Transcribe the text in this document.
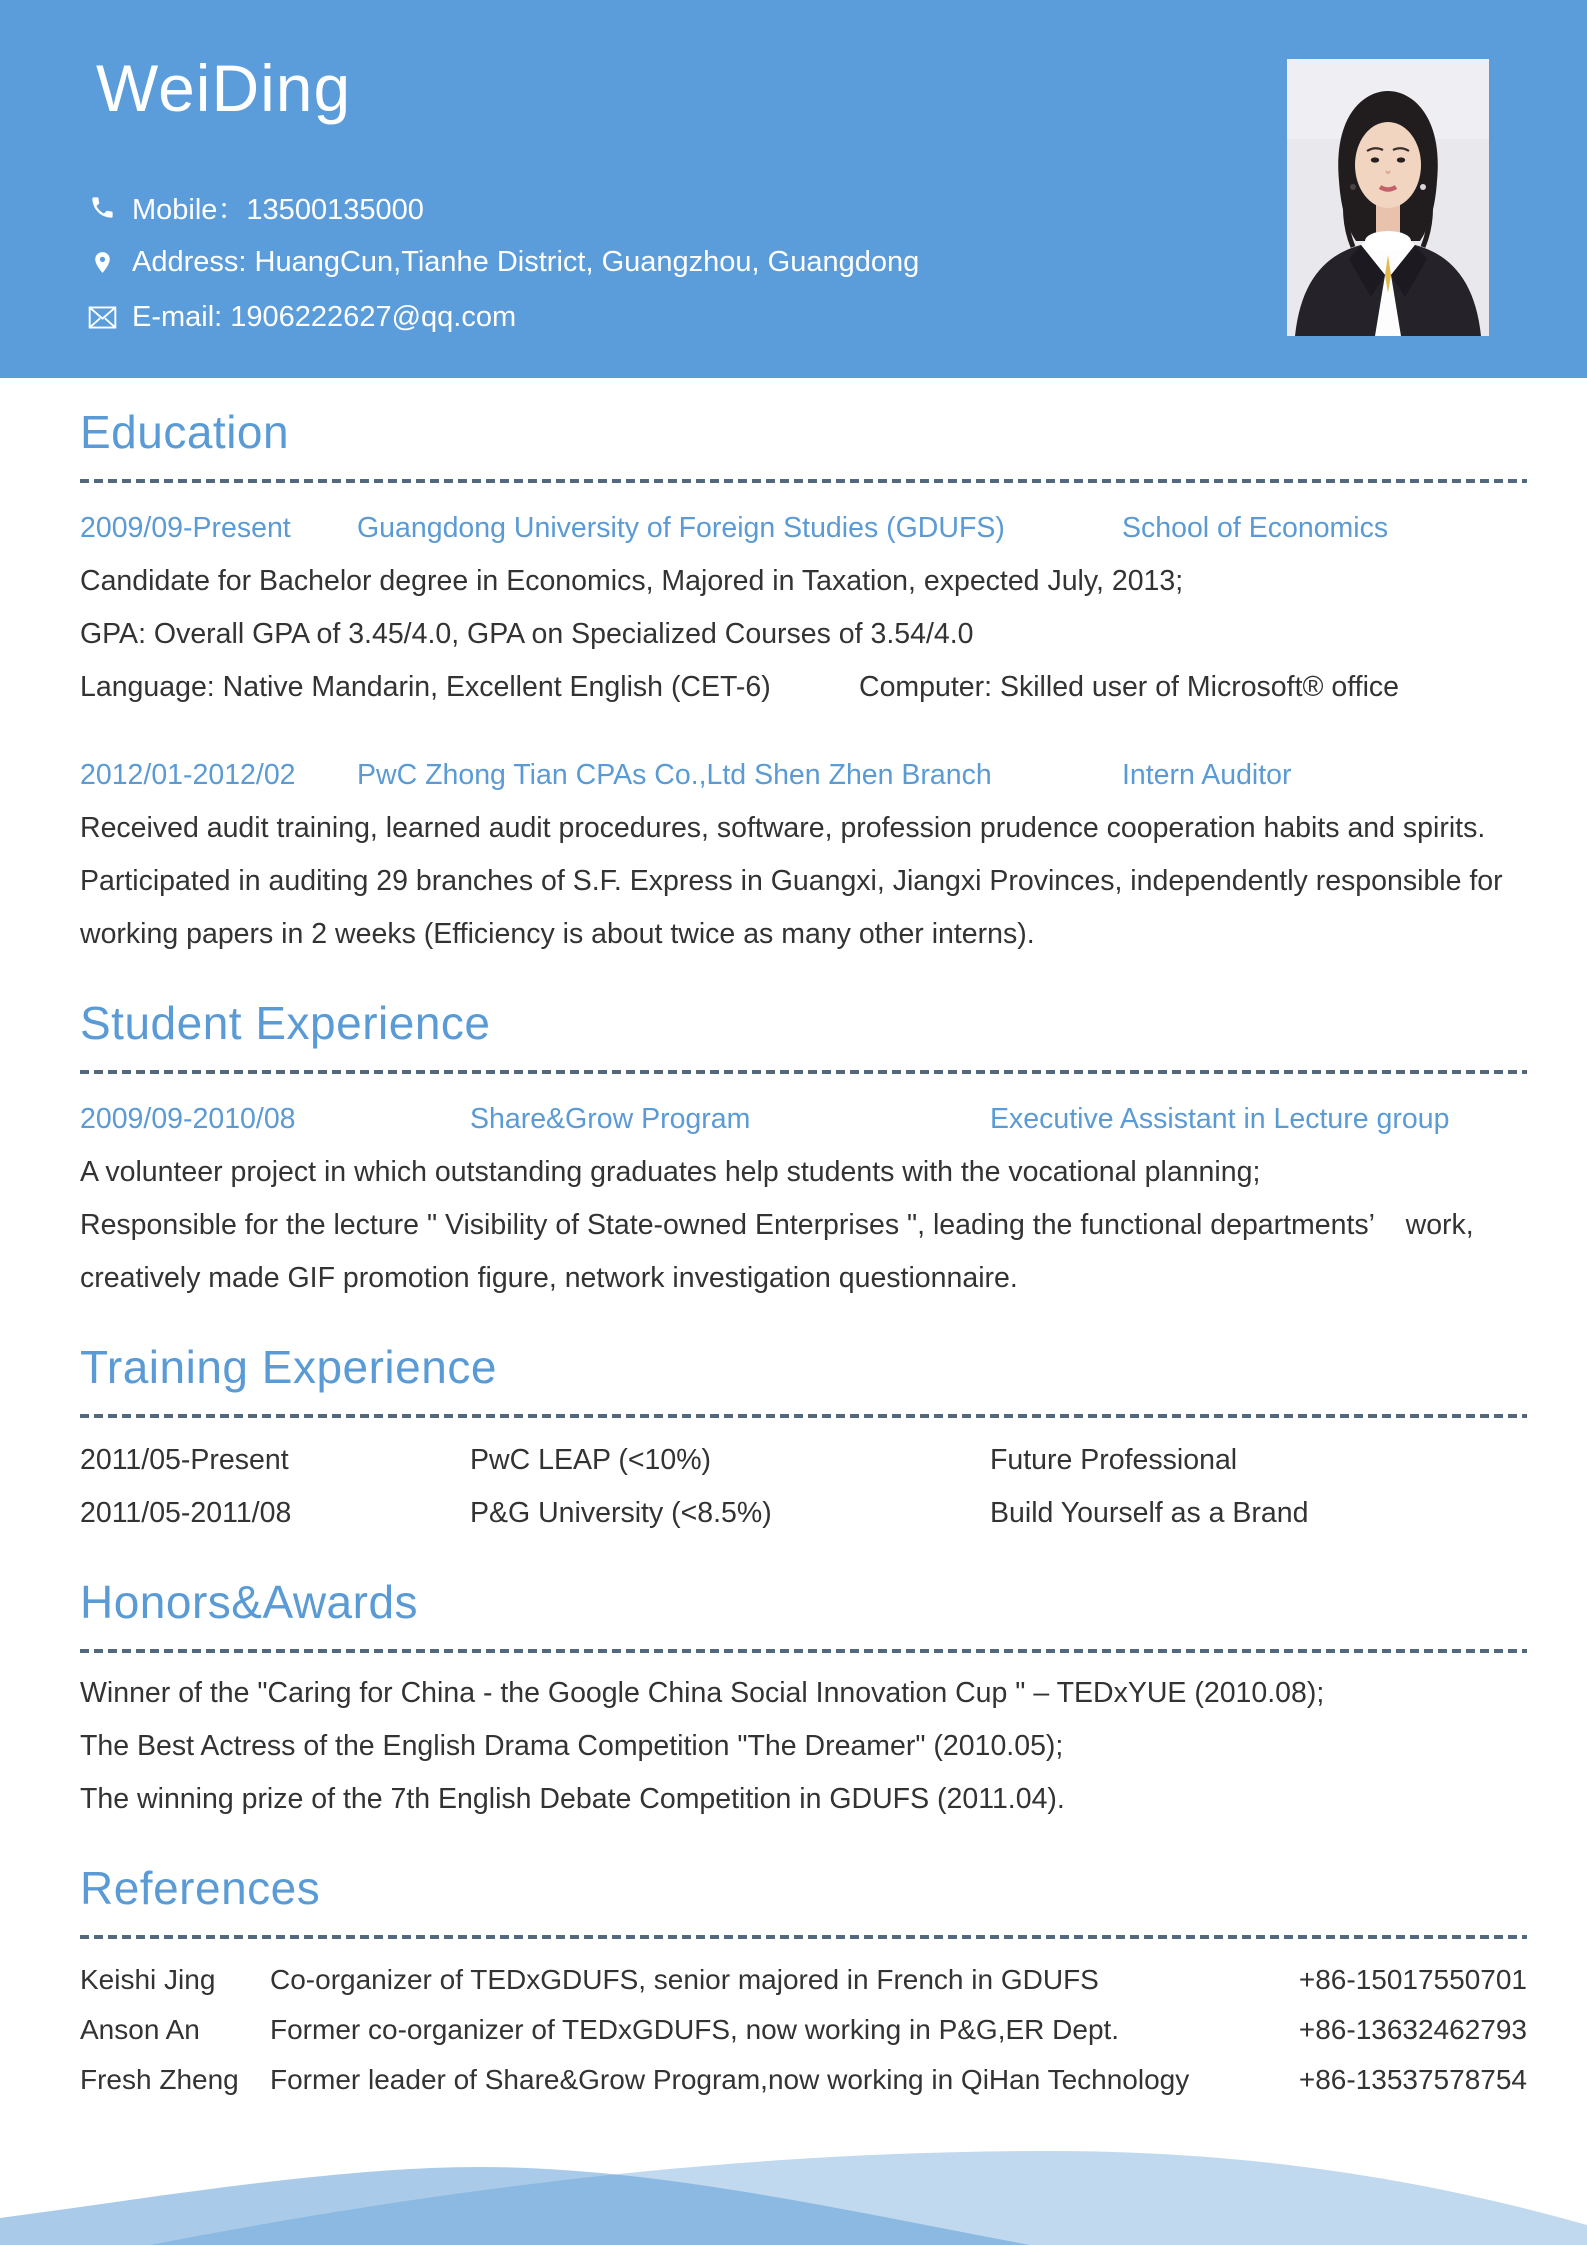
WeiDing
Mobile：13500135000
Address: HuangCun,Tianhe District, Guangzhou, Guangdong
E-mail: 1906222627@qq.com
Education
2009/09-Present	Guangdong University of Foreign Studies (GDUFS)	School of Economics
Candidate for Bachelor degree in Economics, Majored in Taxation, expected July, 2013;
GPA: Overall GPA of 3.45/4.0, GPA on Specialized Courses of 3.54/4.0
Language: Native Mandarin, Excellent English (CET-6)	Computer: Skilled user of Microsoft® office
2012/01-2012/02	PwC Zhong Tian CPAs Co.,Ltd Shen Zhen Branch	Intern Auditor
Received audit training, learned audit procedures, software, profession prudence cooperation habits and spirits.
Participated in auditing 29 branches of S.F. Express in Guangxi, Jiangxi Provinces, independently responsible for
working papers in 2 weeks (Efficiency is about twice as many other interns).
Student Experience
2009/09-2010/08	Share&Grow Program	Executive Assistant in Lecture group
A volunteer project in which outstanding graduates help students with the vocational planning;
Responsible for the lecture " Visibility of State-owned Enterprises ", leading the functional departments’    work,
creatively made GIF promotion figure, network investigation questionnaire.
Training Experience
2011/05-Present	PwC LEAP (<10%)	Future Professional
2011/05-2011/08	P&G University (<8.5%)	Build Yourself as a Brand
Honors&Awards
Winner of the "Caring for China - the Google China Social Innovation Cup " – TEDxYUE (2010.08);
The Best Actress of the English Drama Competition "The Dreamer" (2010.05);
The winning prize of the 7th English Debate Competition in GDUFS (2011.04).
References
Keishi Jing	Co-organizer of TEDxGDUFS, senior majored in French in GDUFS	+86-15017550701
Anson An	Former co-organizer of TEDxGDUFS, now working in P&G,ER Dept.	+86-13632462793
Fresh Zheng	Former leader of Share&Grow Program,now working in QiHan Technology	+86-13537578754
